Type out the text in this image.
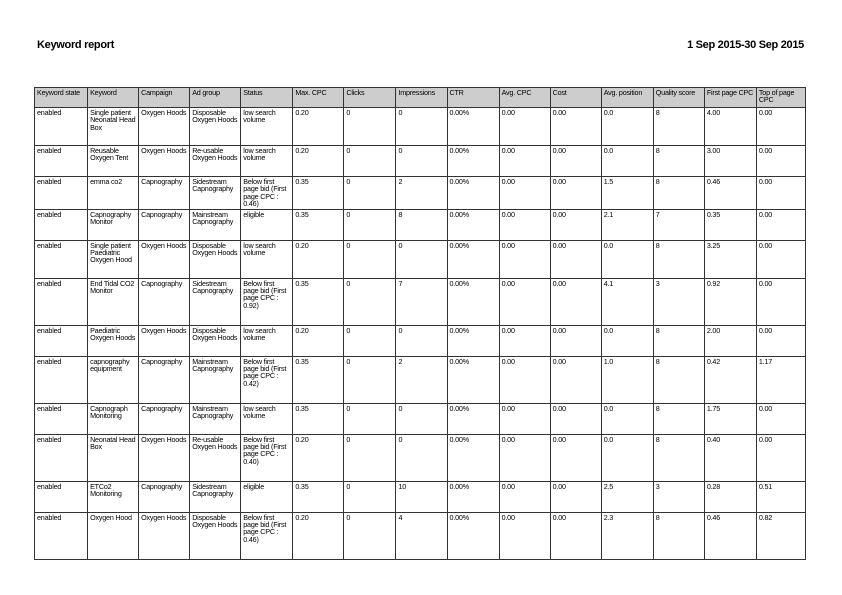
Keyword report	1 Sep 2015-30 Sep 2015
Keyword state	Keyword	Campaign	Ad group	Status	Max. CPC	Clicks	Impressions	CTR	Avg. CPC	Cost	Avg. position	Quality score	First page CPC	Top of page CPC
enabled	Single patient Neonatal Head Box	Oxygen Hoods	Disposable Oxygen Hoods	low search volume	0.20	0	0	0.00%	0.00	0.00	0.0	8	4.00	0.00
enabled	Reusable Oxygen Tent	Oxygen Hoods	Re-usable Oxygen Hoods	low search volume	0.20	0	0	0.00%	0.00	0.00	0.0	8	3.00	0.00
enabled	emma co2	Capnography	Sidestream Capnography	Below first page bid (First page CPC : 0.46)	0.35	0	2	0.00%	0.00	0.00	1.5	8	0.46	0.00
enabled	Capnography Monitor	Capnography	Mainstream Capnography	eligible	0.35	0	8	0.00%	0.00	0.00	2.1	7	0.35	0.00
enabled	Single patient Paediatric Oxygen Hood	Oxygen Hoods	Disposable Oxygen Hoods	low search volume	0.20	0	0	0.00%	0.00	0.00	0.0	8	3.25	0.00
enabled	End Tidal CO2 Monitor	Capnography	Sidestream Capnography	Below first page bid (First page CPC : 0.92)	0.35	0	7	0.00%	0.00	0.00	4.1	3	0.92	0.00
enabled	Paediatric Oxygen Hoods	Oxygen Hoods	Disposable Oxygen Hoods	low search volume	0.20	0	0	0.00%	0.00	0.00	0.0	8	2.00	0.00
enabled	capnography equipment	Capnography	Mainstream Capnography	Below first page bid (First page CPC : 0.42)	0.35	0	2	0.00%	0.00	0.00	1.0	8	0.42	1.17
enabled	Capnograph Monitoring	Capnography	Mainstream Capnography	low search volume	0.35	0	0	0.00%	0.00	0.00	0.0	8	1.75	0.00
enabled	Neonatal Head Box	Oxygen Hoods	Re-usable Oxygen Hoods	Below first page bid (First page CPC : 0.40)	0.20	0	0	0.00%	0.00	0.00	0.0	8	0.40	0.00
enabled	ETCo2 Monitoring	Capnography	Sidestream Capnography	eligible	0.35	0	10	0.00%	0.00	0.00	2.5	3	0.28	0.51
enabled	Oxygen Hood	Oxygen Hoods	Disposable Oxygen Hoods	Below first page bid (First page CPC : 0.46)	0.20	0	4	0.00%	0.00	0.00	2.3	8	0.46	0.82
